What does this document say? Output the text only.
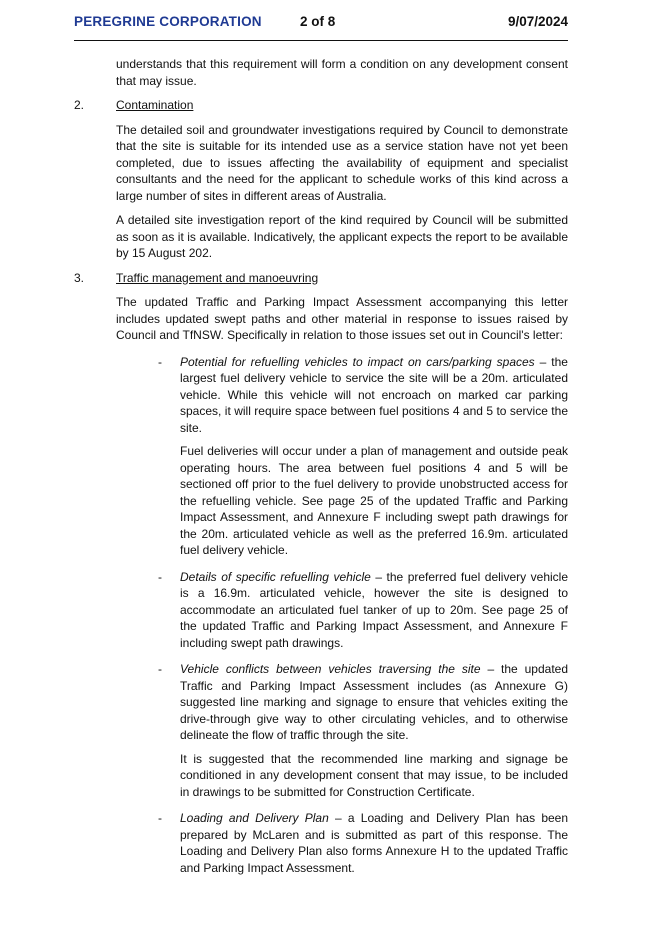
PEREGRINE CORPORATION	2 of 8	9/07/2024

understands that this requirement will form a condition on any development consent that may issue.

2.	Contamination

The detailed soil and groundwater investigations required by Council to demonstrate that the site is suitable for its intended use as a service station have not yet been completed, due to issues affecting the availability of equipment and specialist consultants and the need for the applicant to schedule works of this kind across a large number of sites in different areas of Australia.

A detailed site investigation report of the kind required by Council will be submitted as soon as it is available. Indicatively, the applicant expects the report to be available by 15 August 202.

3.	Traffic management and manoeuvring

The updated Traffic and Parking Impact Assessment accompanying this letter includes updated swept paths and other material in response to issues raised by Council and TfNSW. Specifically in relation to those issues set out in Council's letter:

- Potential for refuelling vehicles to impact on cars/parking spaces – the largest fuel delivery vehicle to service the site will be a 20m. articulated vehicle. While this vehicle will not encroach on marked car parking spaces, it will require space between fuel positions 4 and 5 to service the site.

Fuel deliveries will occur under a plan of management and outside peak operating hours. The area between fuel positions 4 and 5 will be sectioned off prior to the fuel delivery to provide unobstructed access for the refuelling vehicle. See page 25 of the updated Traffic and Parking Impact Assessment, and Annexure F including swept path drawings for the 20m. articulated vehicle as well as the preferred 16.9m. articulated fuel delivery vehicle.

- Details of specific refuelling vehicle – the preferred fuel delivery vehicle is a 16.9m. articulated vehicle, however the site is designed to accommodate an articulated fuel tanker of up to 20m. See page 25 of the updated Traffic and Parking Impact Assessment, and Annexure F including swept path drawings.

- Vehicle conflicts between vehicles traversing the site – the updated Traffic and Parking Impact Assessment includes (as Annexure G) suggested line marking and signage to ensure that vehicles exiting the drive-through give way to other circulating vehicles, and to otherwise delineate the flow of traffic through the site.

It is suggested that the recommended line marking and signage be conditioned in any development consent that may issue, to be included in drawings to be submitted for Construction Certificate.

- Loading and Delivery Plan – a Loading and Delivery Plan has been prepared by McLaren and is submitted as part of this response. The Loading and Delivery Plan also forms Annexure H to the updated Traffic and Parking Impact Assessment.
